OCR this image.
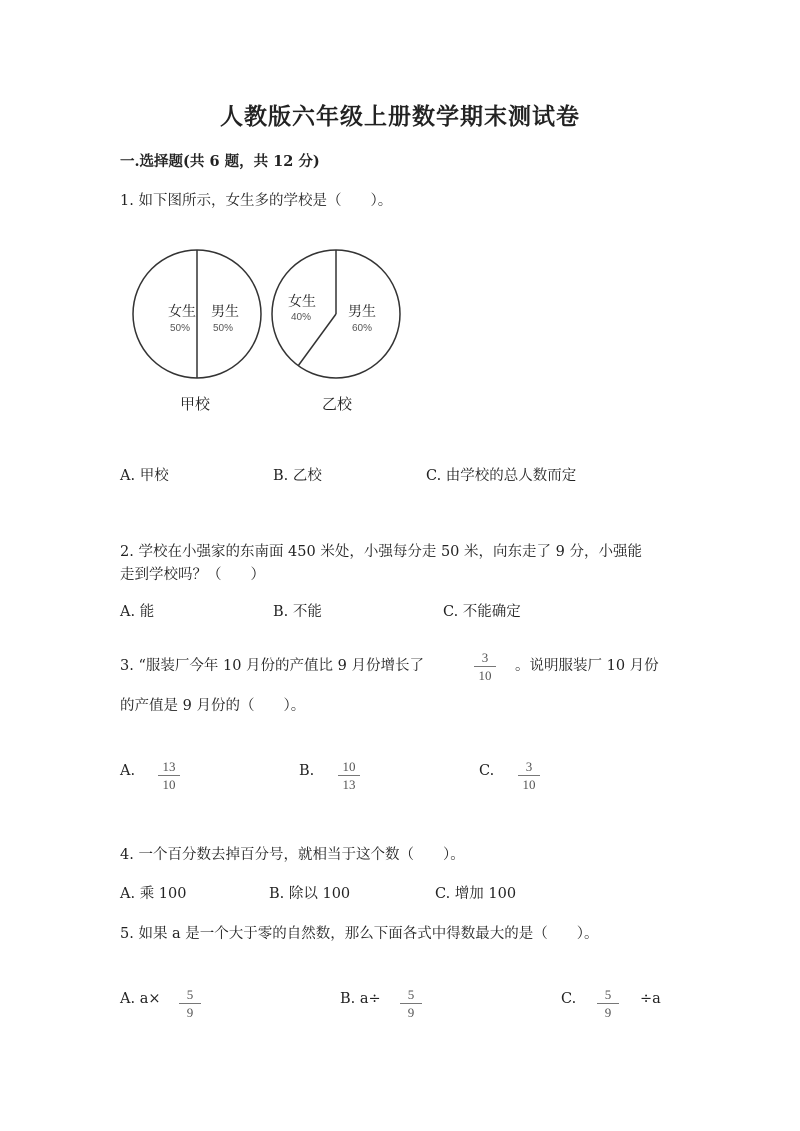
人教版六年级上册数学期末测试卷
一.选择题(共 6 题，共 12 分)
1. 如下图所示，女生多的学校是（　　）。
女生
50%
男生
50%
甲校
女生
40%	男生
60%
乙校
A. 甲校	B. 乙校	C. 由学校的总人数而定
2. 学校在小强家的东南面 450 米处，小强每分走 50 米，向东走了 9 分，小强能
走到学校吗？（　　）
A. 能	B. 不能	C. 不能确定
3. “服装厂今年 10 月份的产值比 9 月份增长了
3
10
。说明服装厂 10 月份
的产值是 9 月份的（　　）。
A.	13
10
B.	10
13
C.	3
10
4. 一个百分数去掉百分号，就相当于这个数（　　）。
A. 乘 100	B. 除以 100	C. 增加 100
5. 如果 a 是一个大于零的自然数，那么下面各式中得数最大的是（　　）。
A. a×	5
9
B. a÷	5
9
C.	5
9
÷a
